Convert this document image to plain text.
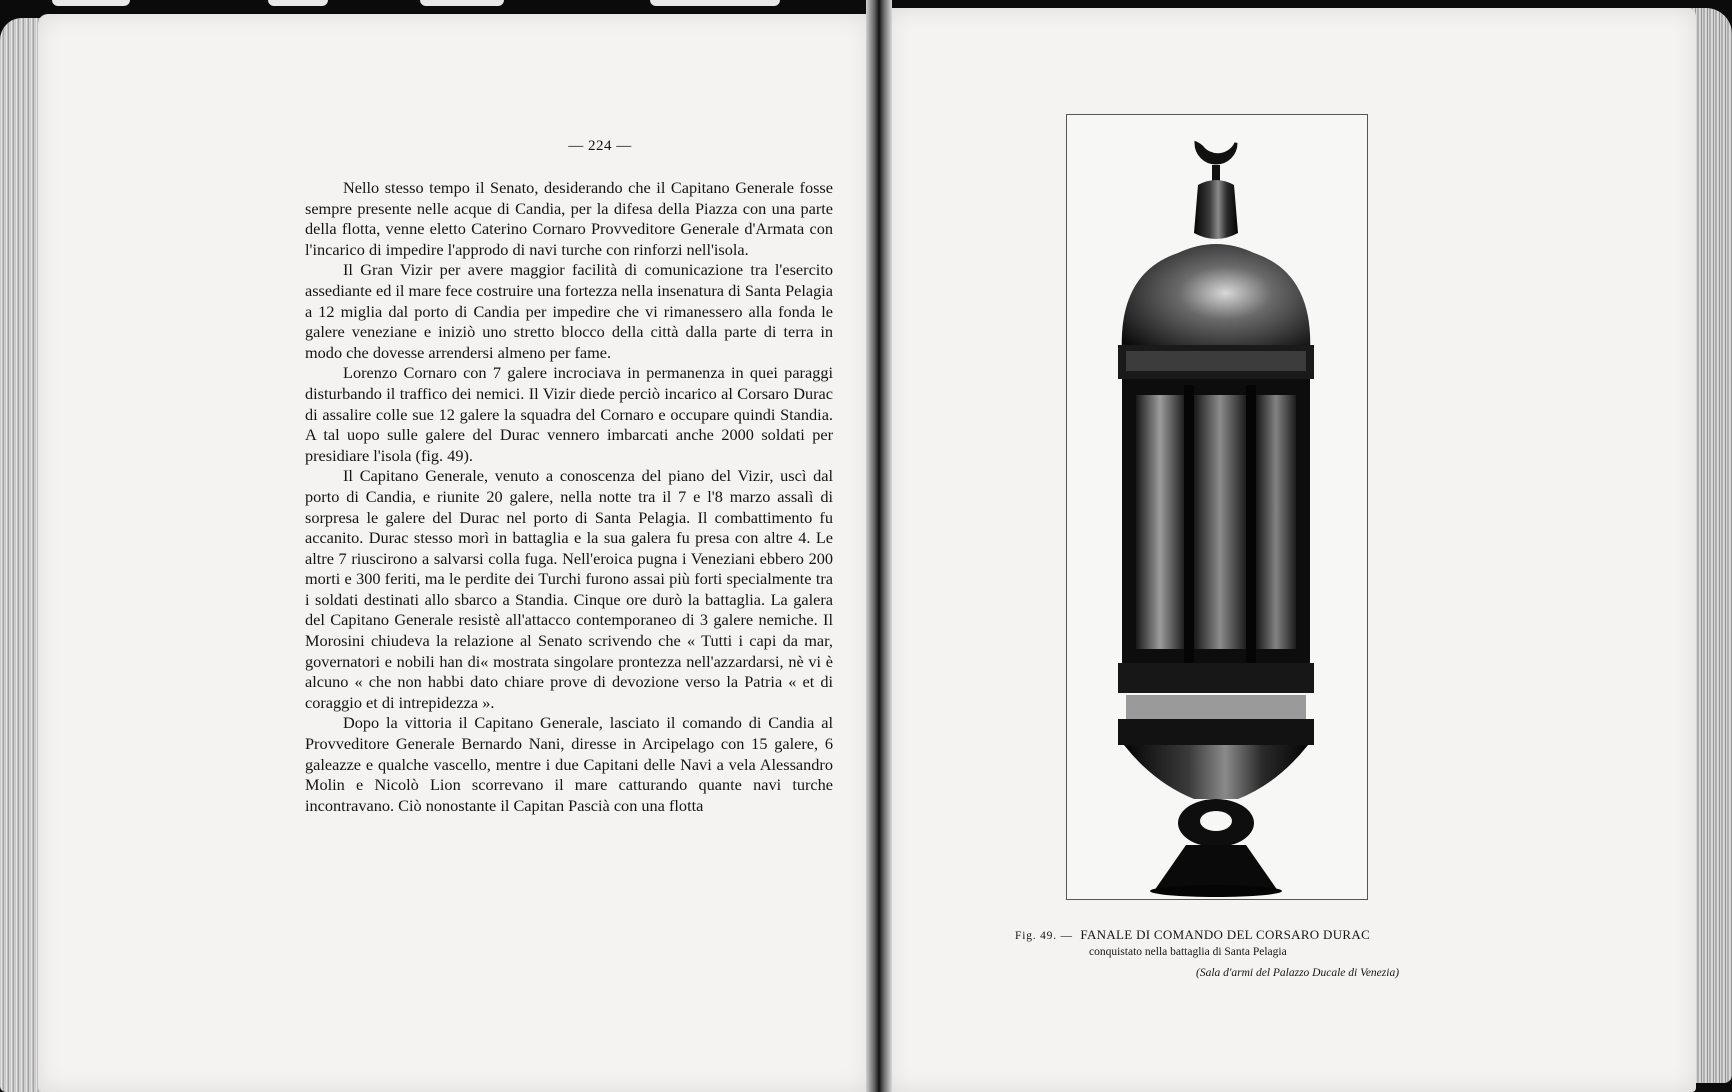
— 224 —

Nello stesso tempo il Senato, desiderando che il Capitano Generale fosse sempre presente nelle acque di Candia, per la difesa della Piazza con una parte della flotta, venne eletto Caterino Cornaro Provveditore Generale d'Armata con l'incarico di impedire l'approdo di navi turche con rinforzi nell'isola.

Il Gran Vizir per avere maggior facilità di comunicazione tra l'esercito assediante ed il mare fece costruire una fortezza nella insenatura di Santa Pelagia a 12 miglia dal porto di Candia per impedire che vi rimanessero alla fonda le galere veneziane e iniziò uno stretto blocco della città dalla parte di terra in modo che dovesse arrendersi almeno per fame.

Lorenzo Cornaro con 7 galere incrociava in permanenza in quei paraggi disturbando il traffico dei nemici. Il Vizir diede perciò incarico al Corsaro Durac di assalire colle sue 12 galere la squadra del Cornaro e occupare quindi Standia. A tal uopo sulle galere del Durac vennero imbarcati anche 2000 soldati per presidiare l'isola (fig. 49).

Il Capitano Generale, venuto a conoscenza del piano del Vizir, uscì dal porto di Candia, e riunite 20 galere, nella notte tra il 7 e l'8 marzo assalì di sorpresa le galere del Durac nel porto di Santa Pelagia. Il combattimento fu accanito. Durac stesso morì in battaglia e la sua galera fu presa con altre 4. Le altre 7 riuscirono a salvarsi colla fuga. Nell'eroica pugna i Veneziani ebbero 200 morti e 300 feriti, ma le perdite dei Turchi furono assai più forti specialmente tra i soldati destinati allo sbarco a Standia. Cinque ore durò la battaglia. La galera del Capitano Generale resistè all'attacco contemporaneo di 3 galere nemiche. Il Morosini chiudeva la relazione al Senato scrivendo che « Tutti i capi da mar, governatori e nobili han di« mostrata singolare prontezza nell'azzardarsi, nè vi è alcuno « che non habbi dato chiare prove di devozione verso la Patria « et di coraggio et di intrepidezza ».

Dopo la vittoria il Capitano Generale, lasciato il comando di Candia al Provveditore Generale Bernardo Nani, diresse in Arcipelago con 15 galere, 6 galeazze e qualche vascello, mentre i due Capitani delle Navi a vela Alessandro Molin e Nicolò Lion scorrevano il mare catturando quante navi turche incontravano. Ciò nonostante il Capitan Pascià con una flotta

Fig. 49. — FANALE DI COMANDO DEL CORSARO DURAC
conquistato nella battaglia di Santa Pelagia
(Sala d'armi del Palazzo Ducale di Venezia)
